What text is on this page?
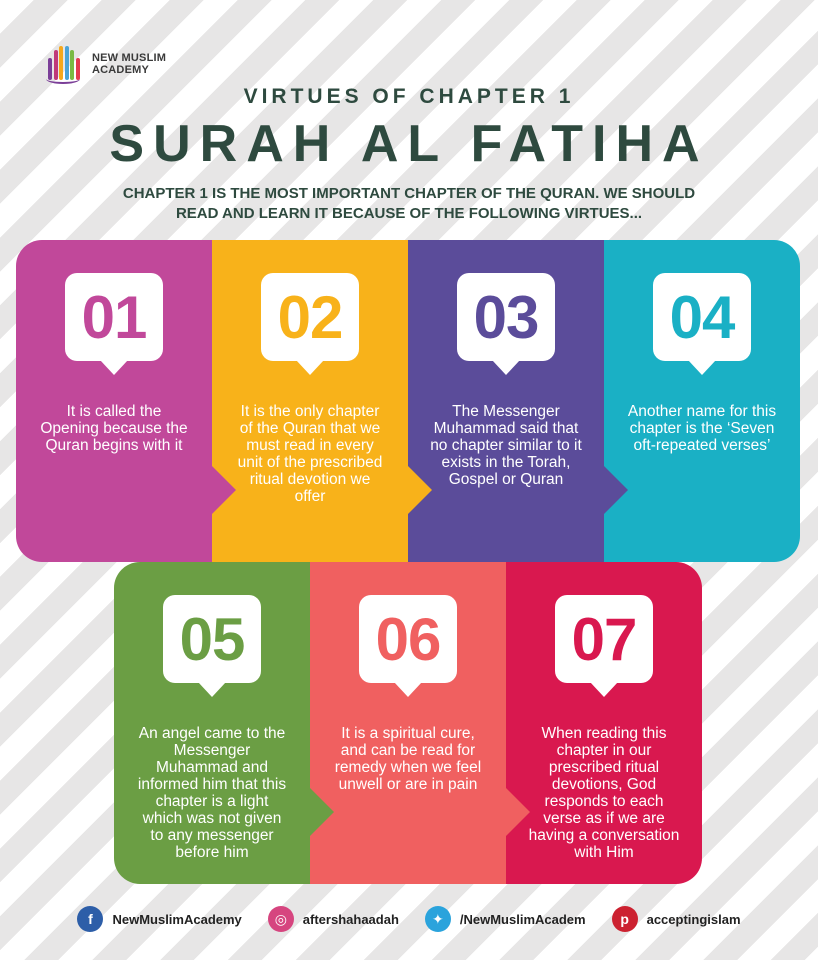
NEW MUSLIM
ACADEMY
VIRTUES OF CHAPTER 1
SURAH AL FATIHA
CHAPTER 1 IS THE MOST IMPORTANT CHAPTER OF THE QURAN. WE SHOULD READ AND LEARN IT BECAUSE OF THE FOLLOWING VIRTUES...
01
It is called the Opening because the Quran begins with it
02
It is the only chapter of the Quran that we must read in every unit of the prescribed ritual devotion we offer
03
The Messenger Muhammad said that no chapter similar to it exists in the Torah, Gospel or Quran
04
Another name for this chapter is the ‘Seven oft-repeated verses’
05
An angel came to the Messenger Muhammad and informed him that this chapter is a light which was not given to any messenger before him
06
It is a spiritual cure, and can be read for remedy when we feel unwell or are in pain
07
When reading this chapter in our prescribed ritual devotions, God responds to each verse as if we are having a conversation with Him
f	NewMuslimAcademy	◎	aftershahaadah	✦	/NewMuslimAcadem	p	acceptingislam
